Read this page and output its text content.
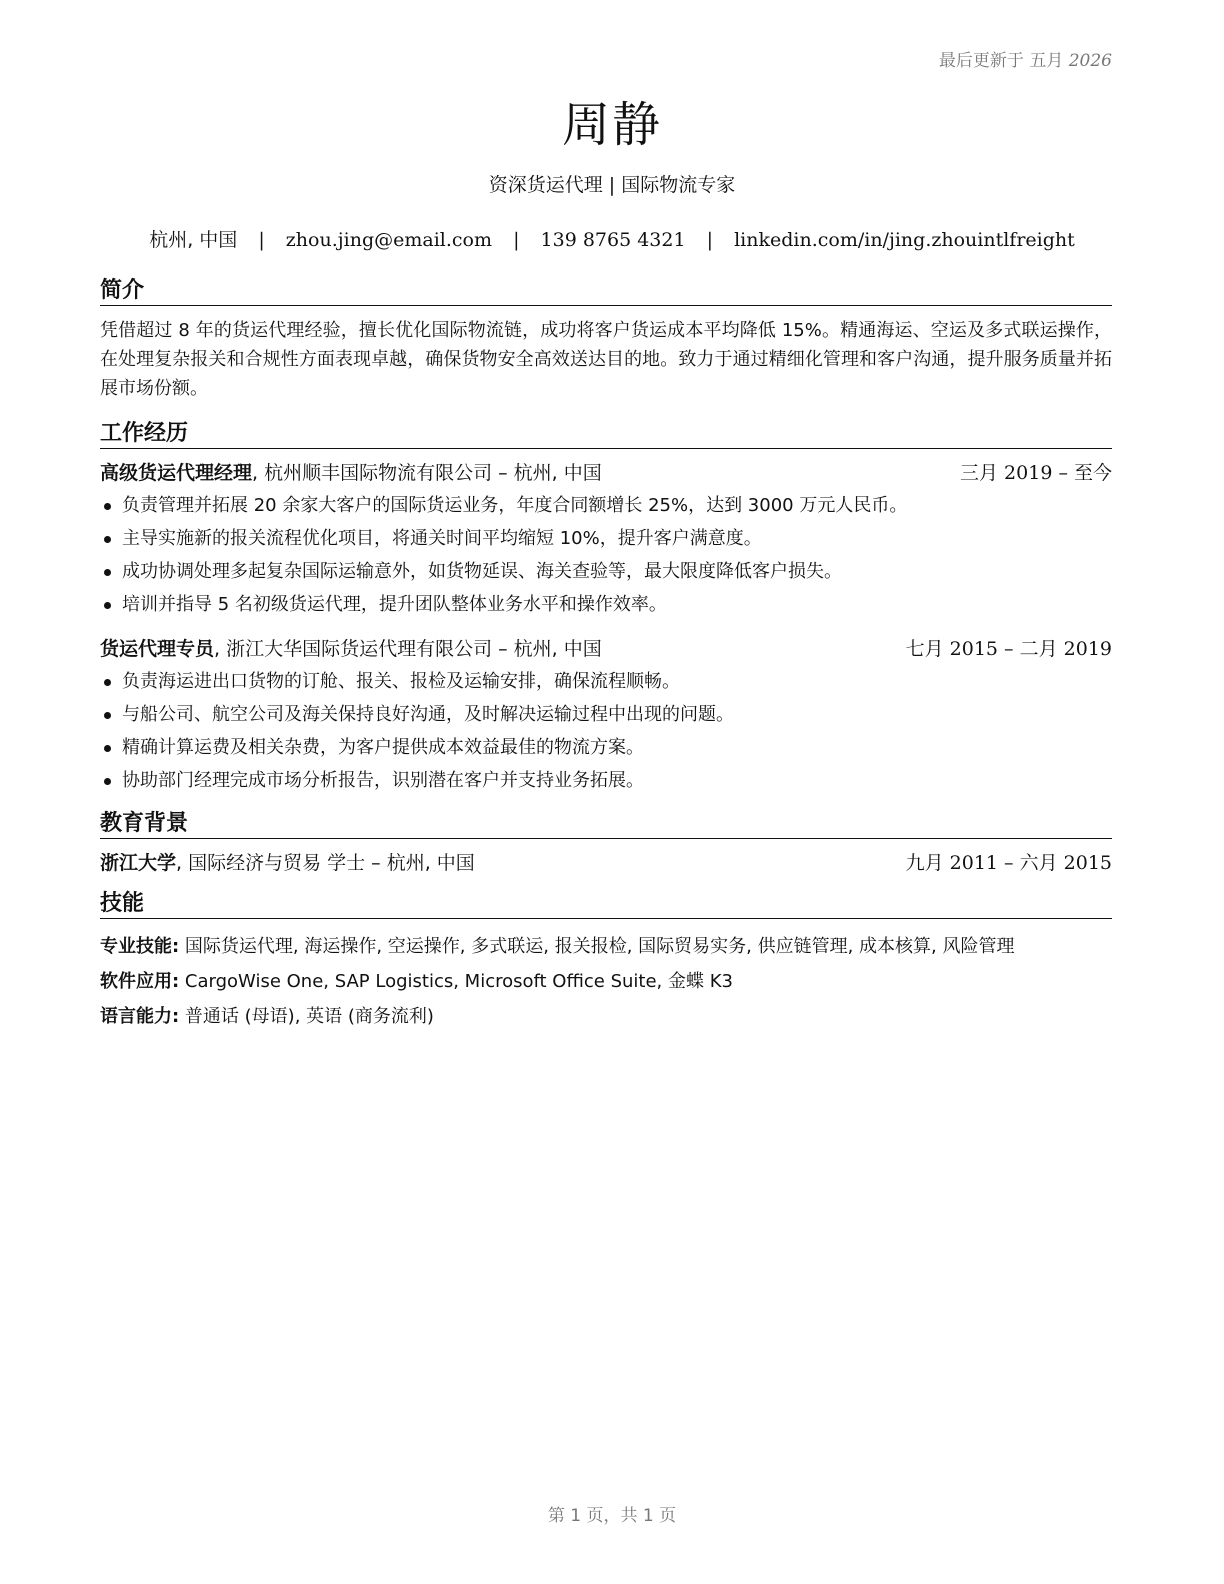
最后更新于 五月 2026
周静
资深货运代理 | 国际物流专家
杭州, 中国 | zhou.jing@email.com | 139 8765 4321 | linkedin.com/in/jing.zhouintlfreight
简介

凭借超过 8 年的货运代理经验，擅长优化国际物流链，成功将客户货运成本平均降低 15%。精通海运、空运及多式联运操作，在处理复杂报关和合规性方面表现卓越，确保货物安全高效送达目的地。致力于通过精细化管理和客户沟通，提升服务质量并拓展市场份额。

工作经历
高级货运代理经理, 杭州顺丰国际物流有限公司 – 杭州, 中国	三月 2019 – 至今
负责管理并拓展 20 余家大客户的国际货运业务，年度合同额增长 25%，达到 3000 万元人民币。
主导实施新的报关流程优化项目，将通关时间平均缩短 10%，提升客户满意度。
成功协调处理多起复杂国际运输意外，如货物延误、海关查验等，最大限度降低客户损失。
培训并指导 5 名初级货运代理，提升团队整体业务水平和操作效率。
货运代理专员, 浙江大华国际货运代理有限公司 – 杭州, 中国	七月 2015 – 二月 2019
负责海运进出口货物的订舱、报关、报检及运输安排，确保流程顺畅。
与船公司、航空公司及海关保持良好沟通，及时解决运输过程中出现的问题。
精确计算运费及相关杂费，为客户提供成本效益最佳的物流方案。
协助部门经理完成市场分析报告，识别潜在客户并支持业务拓展。
教育背景
浙江大学, 国际经济与贸易 学士 – 杭州, 中国	九月 2011 – 六月 2015
技能
专业技能: 国际货运代理, 海运操作, 空运操作, 多式联运, 报关报检, 国际贸易实务, 供应链管理, 成本核算, 风险管理
软件应用: CargoWise One, SAP Logistics, Microsoft Office Suite, 金蝶 K3
语言能力: 普通话 (母语), 英语 (商务流利)
第 1 页，共 1 页
